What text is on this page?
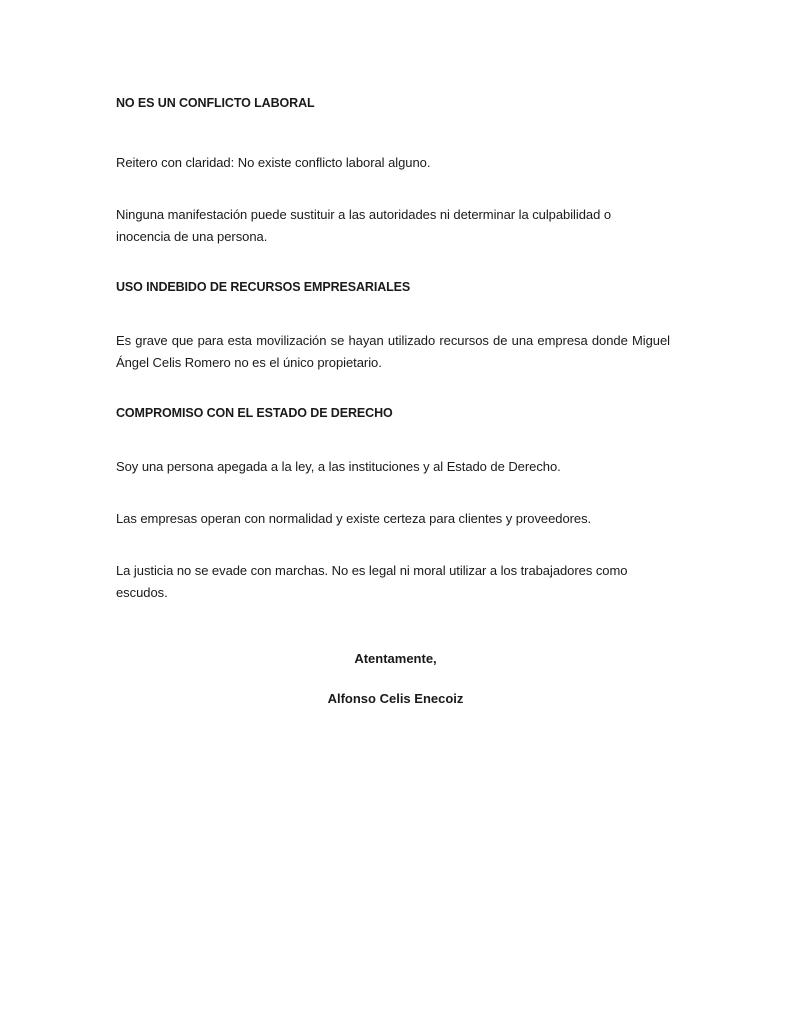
NO ES UN CONFLICTO LABORAL

Reitero con claridad: No existe conflicto laboral alguno.

Ninguna manifestación puede sustituir a las autoridades ni determinar la culpabilidad o inocencia de una persona.

USO INDEBIDO DE RECURSOS EMPRESARIALES

Es grave que para esta movilización se hayan utilizado recursos de una empresa donde Miguel Ángel Celis Romero no es el único propietario.

COMPROMISO CON EL ESTADO DE DERECHO

Soy una persona apegada a la ley, a las instituciones y al Estado de Derecho.

Las empresas operan con normalidad y existe certeza para clientes y proveedores.

La justicia no se evade con marchas. No es legal ni moral utilizar a los trabajadores como escudos.

Atentamente,

Alfonso Celis Enecoiz
